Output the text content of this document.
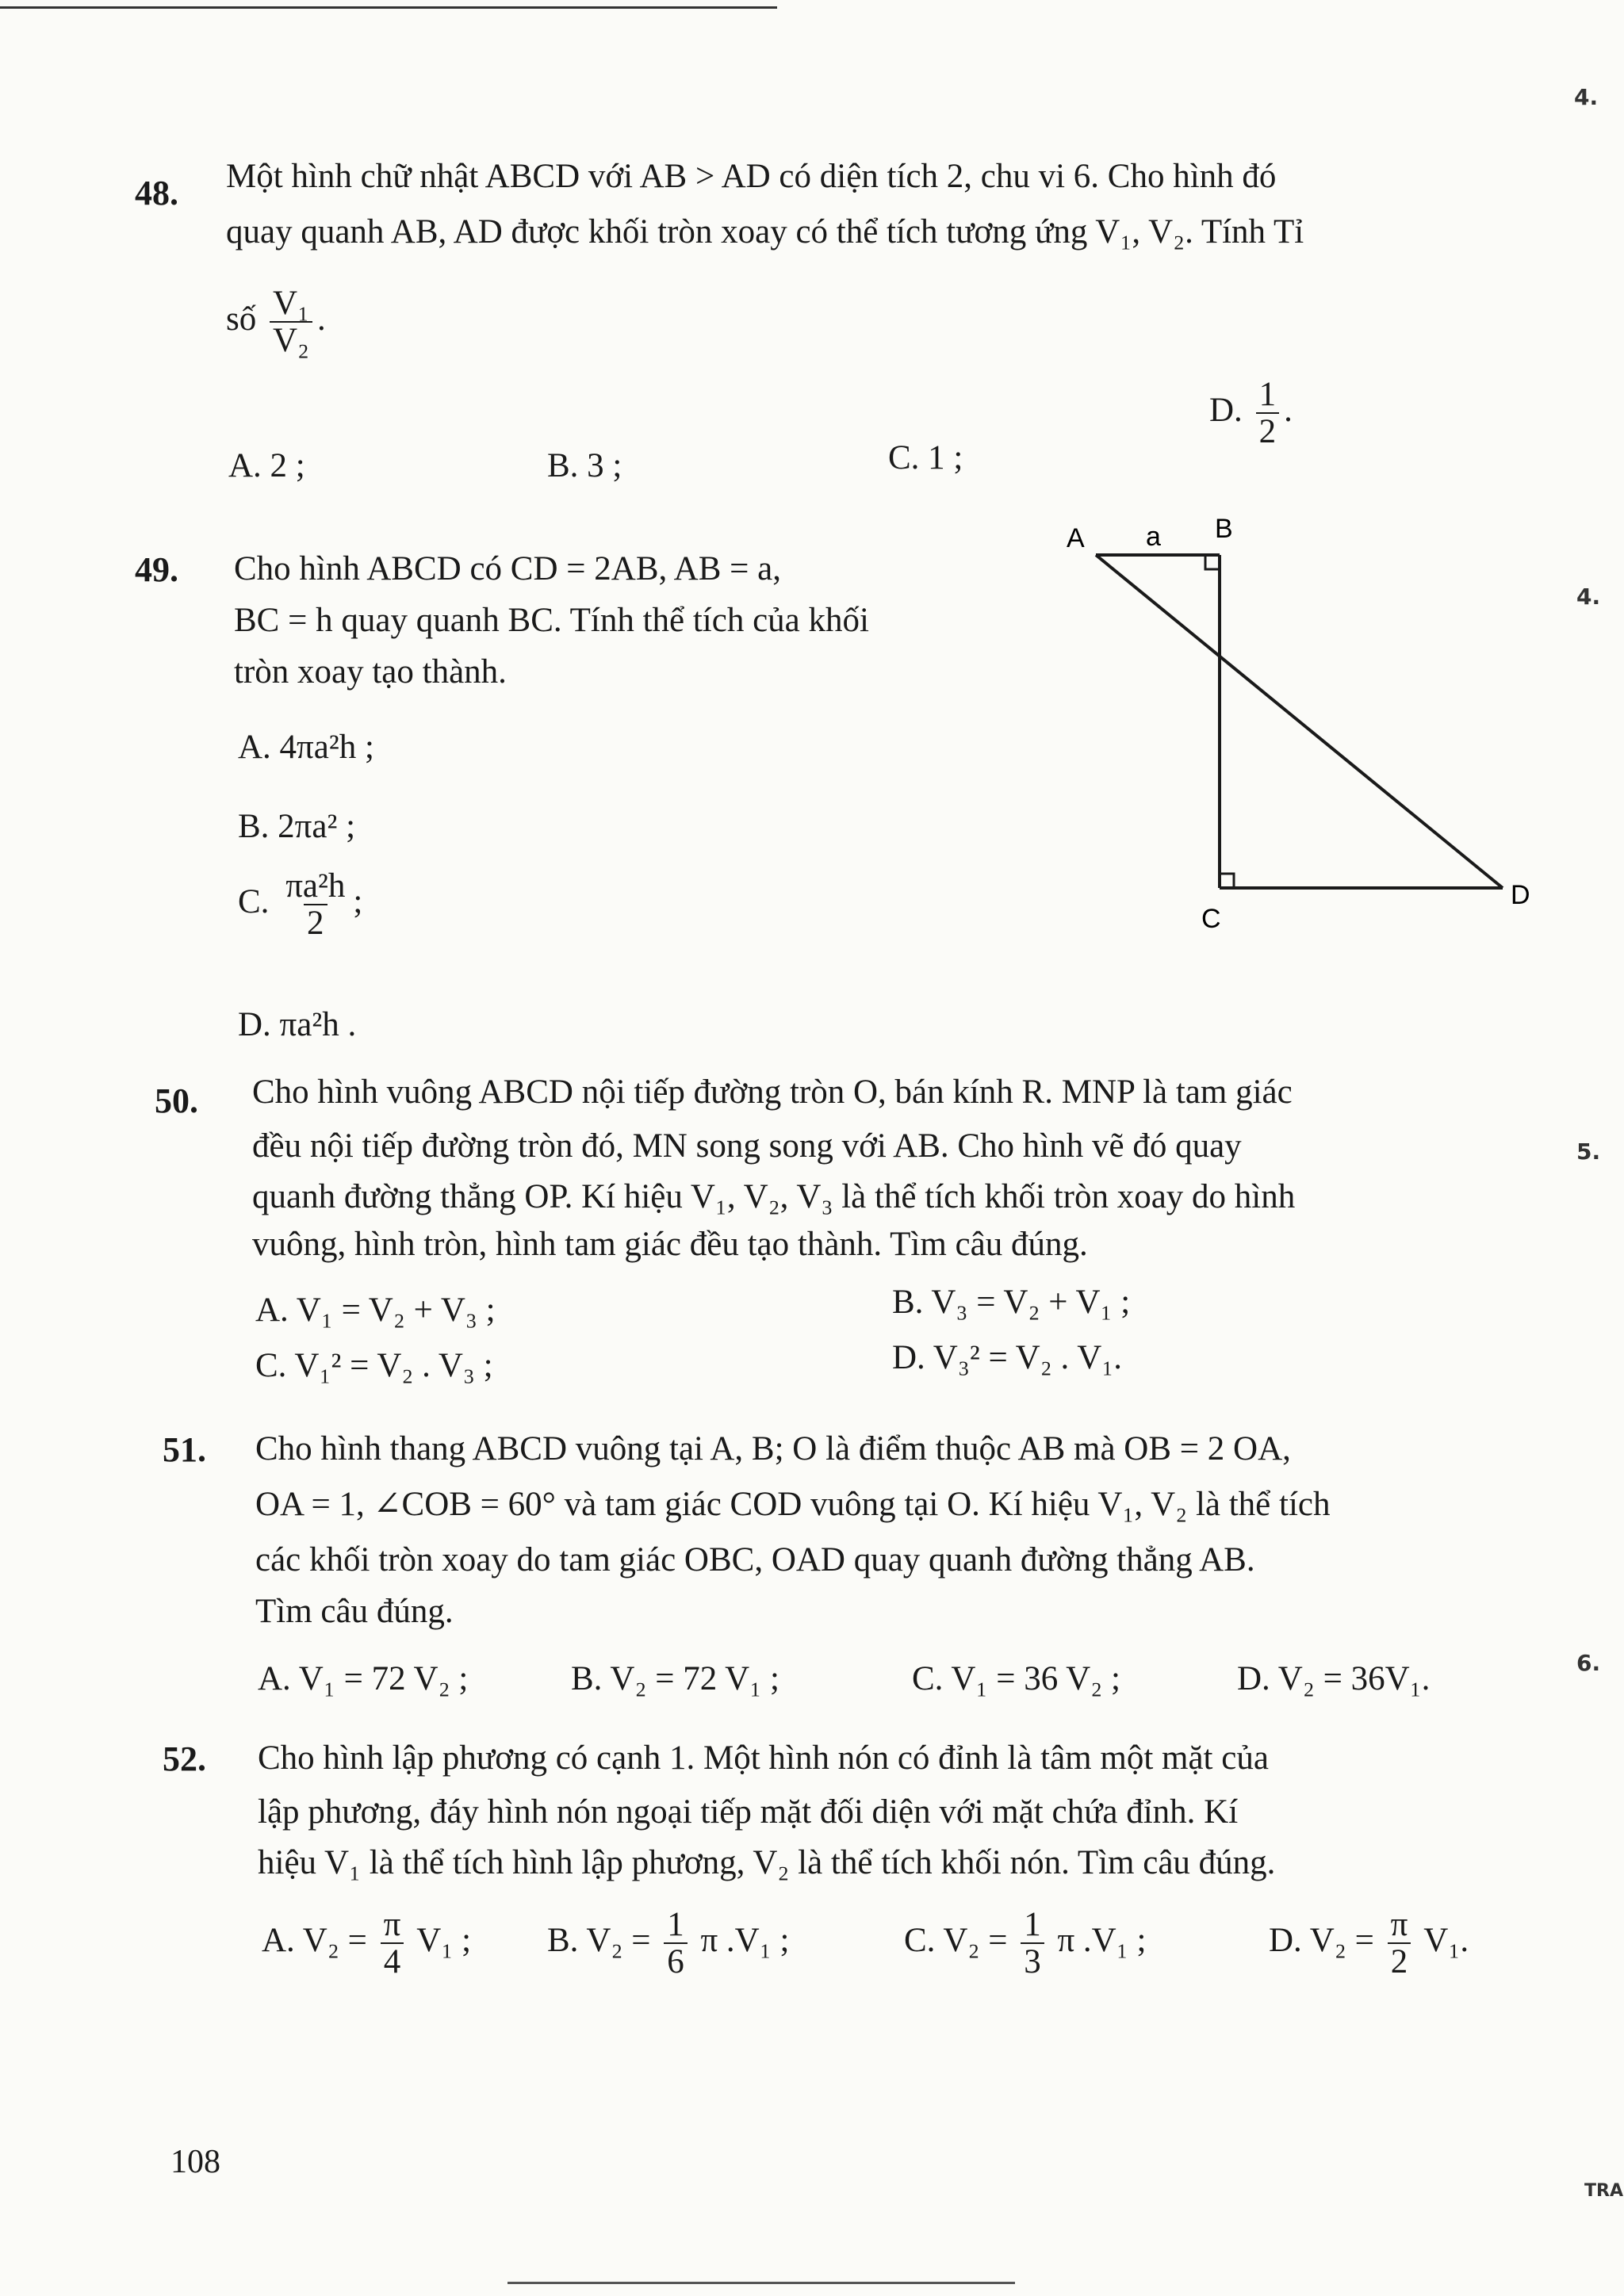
4.
4.
5.
6.
TRA
48. Một hình chữ nhật ABCD với AB > AD có diện tích 2, chu vi 6. Cho hình đó
quay quanh AB, AD được khối tròn xoay có thể tích tương ứng V₁, V₂. Tính Tỉ
số $\frac{\text{V₁}}{\text{V₂}}$ .
A. 2 ;	B. 3 ;	C. 1 ;
D. $\frac{1}{2}$ .
49. Cho hình ABCD có CD = 2AB, AB = a,
BC = h quay quanh BC. Tính thể tích của khối
tròn xoay tạo thành.
A. 4πa²h ;
B. 2πa² ;
C. $\frac{\text{πa²h}}{2}$ ;
D. πa²h .
A a B
C
D
50. Cho hình vuông ABCD nội tiếp đường tròn O, bán kính R. MNP là tam giác
đều nội tiếp đường tròn đó, MN song song với AB. Cho hình vẽ đó quay
quanh đường thẳng OP. Kí hiệu V₁, V₂, V₃ là thể tích khối tròn xoay do hình
vuông, hình tròn, hình tam giác đều tạo thành. Tìm câu đúng.
A. V₁ = V₂ + V₃ ;	B. V₃ = V₂ + V₁ ;
C. V₁² = V₂ . V₃ ;	D. V₃² = V₂ . V₁.
51. Cho hình thang ABCD vuông tại A, B; O là điểm thuộc AB mà OB = 2 OA,
OA = 1, ∠COB = 60° và tam giác COD vuông tại O. Kí hiệu V₁, V₂ là thể tích
các khối tròn xoay do tam giác OBC, OAD quay quanh đường thẳng AB.
Tìm câu đúng.
A. V₁ = 72 V₂ ;	B. V₂ = 72 V₁ ;	C. V₁ = 36 V₂ ;	D. V₂ = 36V₁.
52. Cho hình lập phương có cạnh 1. Một hình nón có đỉnh là tâm một mặt của
lập phương, đáy hình nón ngoại tiếp mặt đối diện với mặt chứa đỉnh. Kí
hiệu V₁ là thể tích hình lập phương, V₂ là thể tích khối nón. Tìm câu đúng.
A. $V_2 = \frac{\pi}{4} V_1$ ; B. $V_2 = \frac{1}{6}$ π .V₁ ;	C. $V_2 = \frac{1}{3}$ π .V₁ ;	D. $V_2 = \frac{\pi}{2} V_1$.
108
